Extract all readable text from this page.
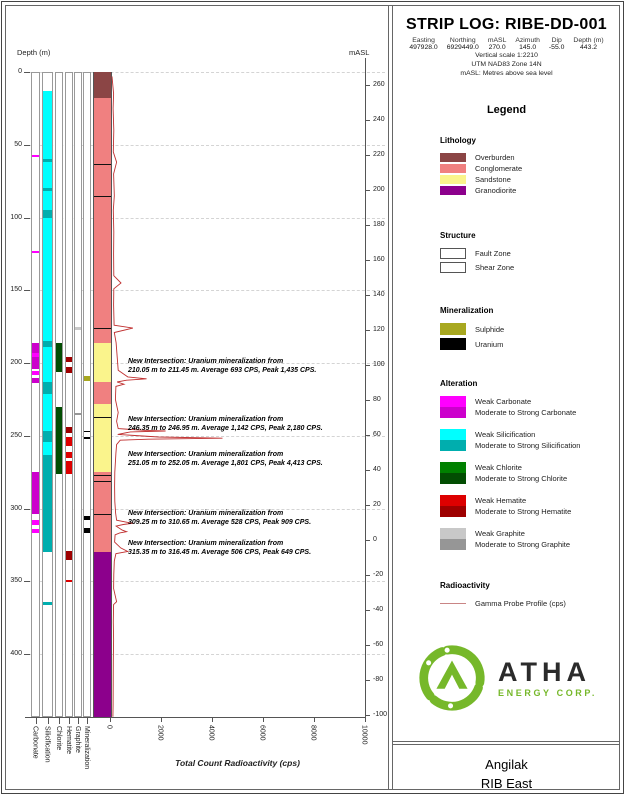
Depth (m)	mASL
0
50
100
150
200
250
300
350
400
260
240
220
200
180
160
140
120
100
80
60
40
20
0
-20
-40
-60
-80
-100
Carbonate Silicification Chlorite Hematite Graphite Mineralization
New Intersection: Uranium mineralization from
210.05 m to 211.45 m. Average 693 CPS, Peak 1,435 CPS.
New Intersection: Uranium mineralization from
246.35 m to 246.95 m. Average 1,142 CPS, Peak 2,180 CPS.
New Intersection: Uranium mineralization from
251.05 m to 252.05 m. Average 1,801 CPS, Peak 4,413 CPS.
New Intersection: Uranium mineralization from
309.25 m to 310.65 m. Average 528 CPS, Peak 909 CPS.
New Intersection: Uranium mineralization from
315.35 m to 316.45 m. Average 506 CPS, Peak 649 CPS.
0	2000	4000	6000	8000	10000
Total Count Radioactivity (cps)
STRIP LOG: RIBE-DD-001
Easting
497928.0
Northing
6929449.0
mASL
270.0
Azimuth
145.0
Dip
-55.0
Depth (m)
443.2
Vertical scale 1:2210
UTM NAD83 Zone 14N
mASL: Metres above sea level
Legend
Lithology
Overburden
Conglomerate
Sandstone
Granodiorite
Structure
Fault Zone
Shear Zone
Mineralization
Sulphide
Uranium
Alteration
Weak Carbonate
Moderate to Strong Carbonate
Weak Silicification
Moderate to Strong Silicification
Weak Chlorite
Moderate to Strong Chlorite
Weak Hematite
Moderate to Strong Hematite
Weak Graphite
Moderate to Strong Graphite
Radioactivity
Gamma Probe Profile (cps)
ATHA
ENERGY CORP.
Angilak
RIB East
